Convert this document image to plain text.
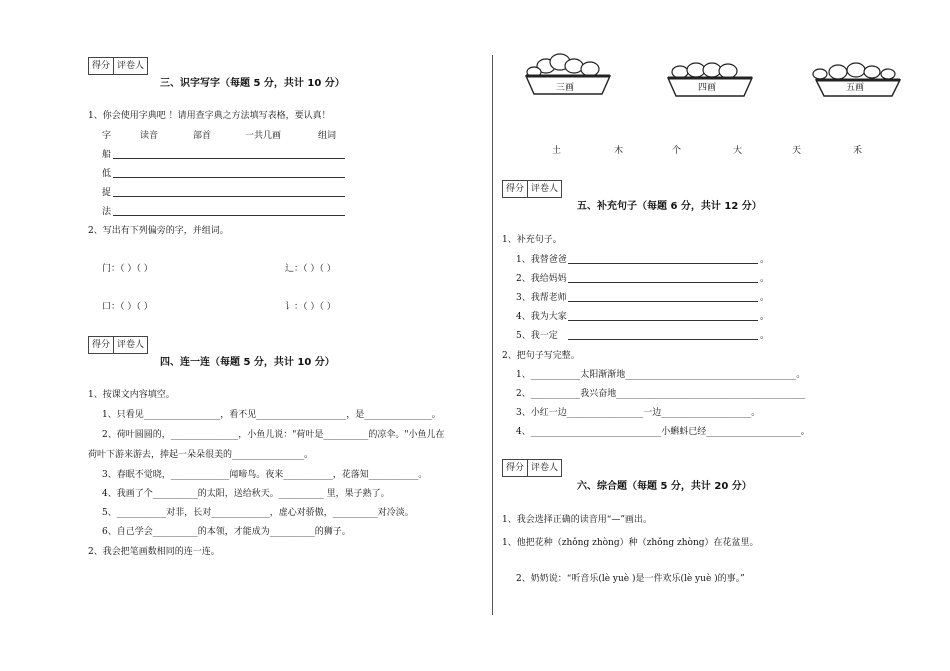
得分 评卷人
三、识字写字（每题 5 分，共计 10 分）
1、你会使用字典吧 ！请用查字典之方法填写表格，要认真！
字	读音	部首	一共几画	组词
船
低
捉
法
2、写出有下列偏旁的字，并组词。
门：（ ）（ ）	辶：（ ）（ ）
口：（ ）（ ）	讠：（ ）（ ）
得分 评卷人
四、连一连（每题 5 分，共计 10 分）
1、按课文内容填空。
1、只看见_________________，看不见____________________，是_______________。
2、荷叶圆圆的，_______________，小鱼儿说："荷叶是__________的凉伞。"小鱼儿在
荷叶下游来游去，捧起一朵朵很美的________________。
3、春眠不觉晓，_____________闻啼鸟。夜来___________，花落知___________。
4、我画了个__________的太阳，送给秋天。__________ 里，果子熟了。
5、___________对非，长对_____________，虚心对骄傲，__________对冷淡。
6、自己学会__________的本领，才能成为__________的狮子。
2、我会把笔画数相同的连一连。
三画	四画	五画
土	木	个	大	天	禾
得分 评卷人
五、补充句子（每题 6 分，共计 12 分）
1、补充句子。
1、我替爸爸	。
2、我给妈妈	。
3、我帮老师	。
4、我为大家	。
5、我一定	。
2、把句子写完整。
1、___________太阳渐渐地______________________________________。
2、___________我兴奋地__________________________________________
3、小红一边_________________一边____________________。
4、_____________________________小蝌蚪已经_____________________。
得分 评卷人
六、综合题（每题 5 分，共计 20 分）
1、我会选择正确的读音用“—”画出。
1、他把花种（zhǒng zhòng）种（zhǒng zhòng）在花盆里。
2、奶奶说：“听音乐(lè yuè )是一件欢乐(lè yuè )的事。”
